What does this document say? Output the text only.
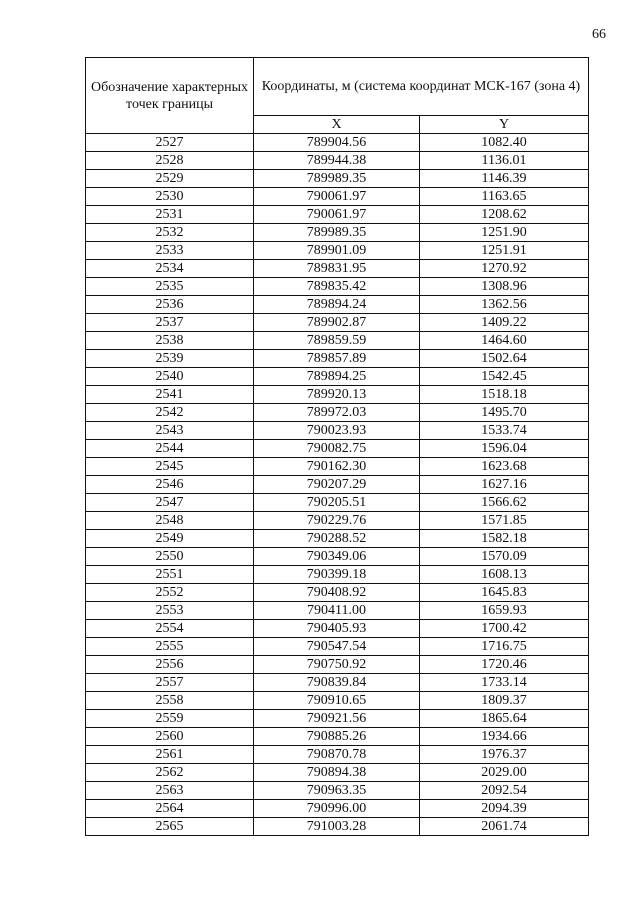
66
Обозначение характерных точек границы	Координаты, м (система координат МСК-167 (зона 4)	
	X	Y
2527	789904.56	1082.40
2528	789944.38	1136.01
2529	789989.35	1146.39
2530	790061.97	1163.65
2531	790061.97	1208.62
2532	789989.35	1251.90
2533	789901.09	1251.91
2534	789831.95	1270.92
2535	789835.42	1308.96
2536	789894.24	1362.56
2537	789902.87	1409.22
2538	789859.59	1464.60
2539	789857.89	1502.64
2540	789894.25	1542.45
2541	789920.13	1518.18
2542	789972.03	1495.70
2543	790023.93	1533.74
2544	790082.75	1596.04
2545	790162.30	1623.68
2546	790207.29	1627.16
2547	790205.51	1566.62
2548	790229.76	1571.85
2549	790288.52	1582.18
2550	790349.06	1570.09
2551	790399.18	1608.13
2552	790408.92	1645.83
2553	790411.00	1659.93
2554	790405.93	1700.42
2555	790547.54	1716.75
2556	790750.92	1720.46
2557	790839.84	1733.14
2558	790910.65	1809.37
2559	790921.56	1865.64
2560	790885.26	1934.66
2561	790870.78	1976.37
2562	790894.38	2029.00
2563	790963.35	2092.54
2564	790996.00	2094.39
2565	791003.28	2061.74
